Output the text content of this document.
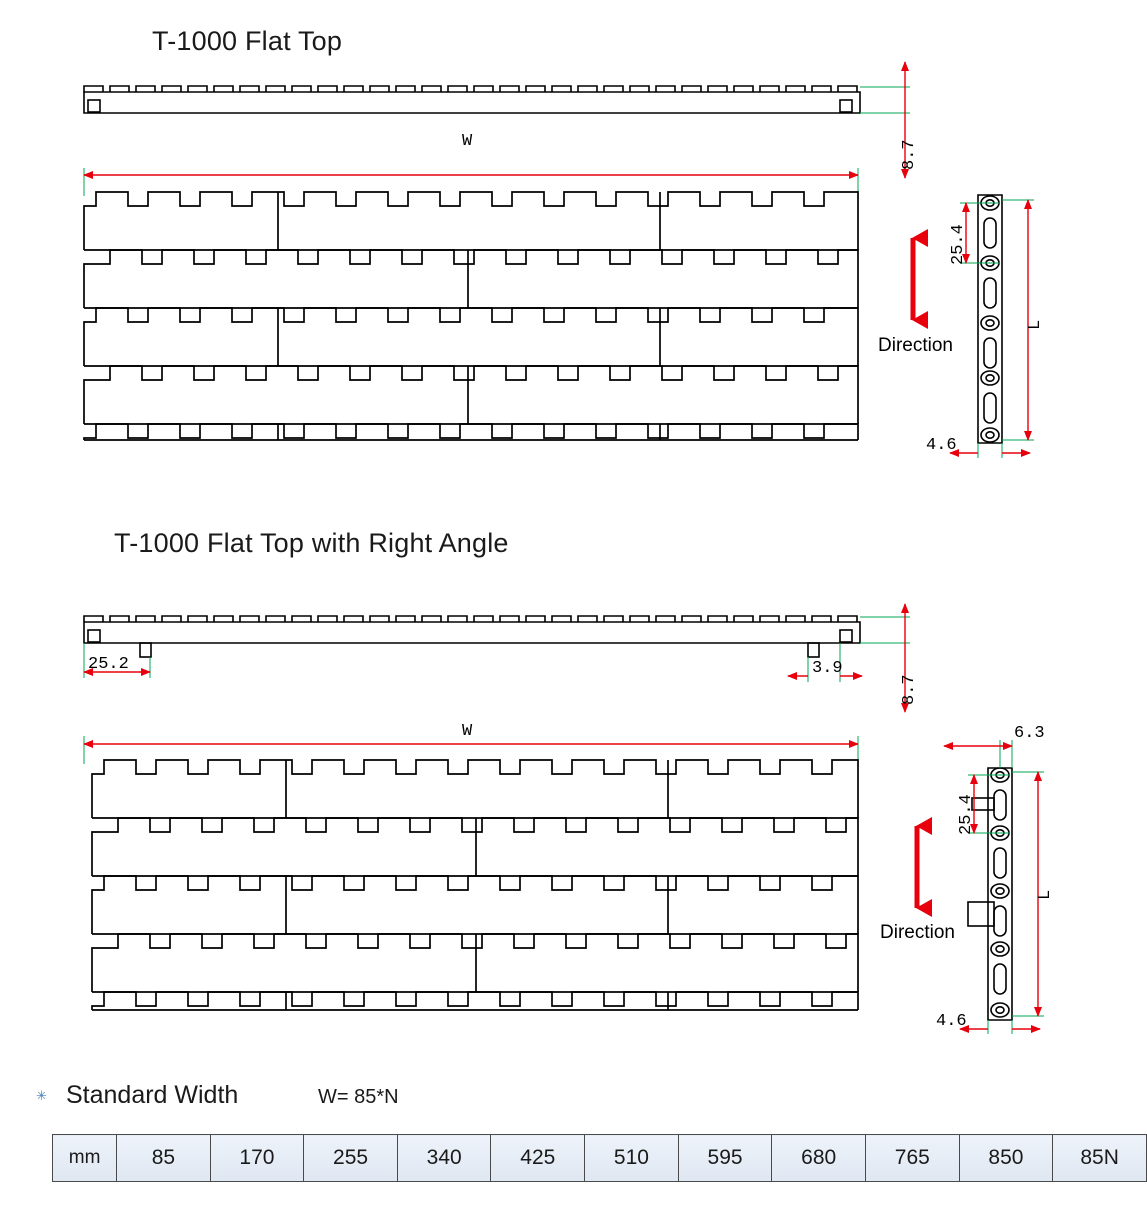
T-1000 Flat Top
T-1000 Flat Top with Right Angle
8.7
W
25.4
L
4.6
Direction
8.7
25.2	3.9
W	6.3
25.4
L
4.6
Direction
✳ Standard Width	W= 85*N
mm	85	170	255	340	425	510	595	680	765	850	85N
